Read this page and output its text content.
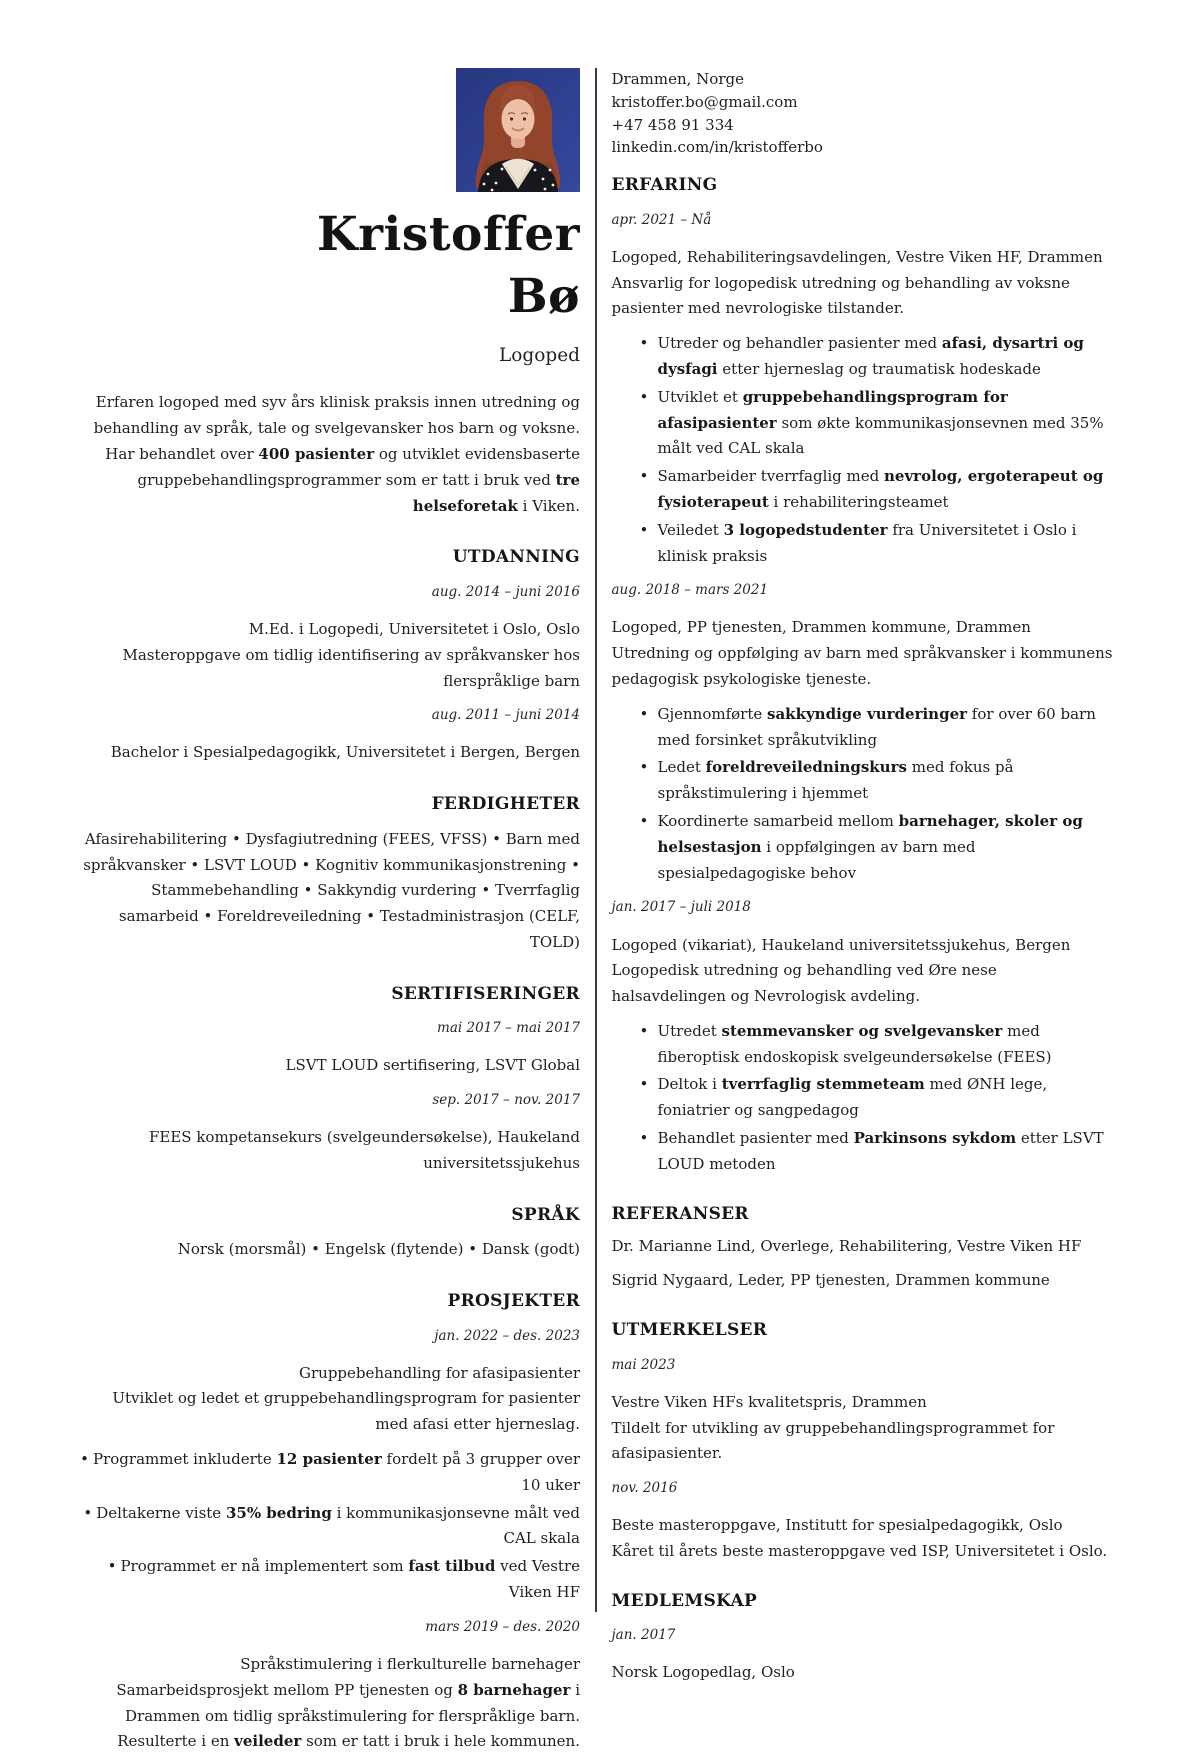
Kristoffer
Bø

Logoped

Erfaren logoped med syv års klinisk praksis innen utredning og behandling av språk, tale og svelgevansker hos barn og voksne. Har behandlet over 400 pasienter og utviklet evidensbaserte gruppebehandlingsprogrammer som er tatt i bruk ved tre helseforetak i Viken.

UTDANNING

aug. 2014 – juni 2016

M.Ed. i Logopedi, Universitetet i Oslo, Oslo

Masteroppgave om tidlig identifisering av språkvansker hos flerspråklige barn

aug. 2011 – juni 2014

Bachelor i Spesialpedagogikk, Universitetet i Bergen, Bergen

FERDIGHETER

Afasirehabilitering • Dysfagiutredning (FEES, VFSS) • Barn med språkvansker • LSVT LOUD • Kognitiv kommunikasjonstrening • Stammebehandling • Sakkyndig vurdering • Tverrfaglig samarbeid • Foreldreveiledning • Testadministrasjon (CELF, TOLD)

SERTIFISERINGER

mai 2017 – mai 2017

LSVT LOUD sertifisering, LSVT Global

sep. 2017 – nov. 2017

FEES kompetansekurs (svelgeundersøkelse), Haukeland universitetssjukehus

SPRÅK

Norsk (morsmål) • Engelsk (flytende) • Dansk (godt)

PROSJEKTER

jan. 2022 – des. 2023

Gruppebehandling for afasipasienter

Utviklet og ledet et gruppebehandlingsprogram for pasienter med afasi etter hjerneslag.

• Programmet inkluderte 12 pasienter fordelt på 3 grupper over 10 uker

• Deltakerne viste 35% bedring i kommunikasjonsevne målt ved CAL skala

• Programmet er nå implementert som fast tilbud ved Vestre Viken HF

mars 2019 – des. 2020

Språkstimulering i flerkulturelle barnehager

Samarbeidsprosjekt mellom PP tjenesten og 8 barnehager i Drammen om tidlig språkstimulering for flerspråklige barn. Resulterte i en veileder som er tatt i bruk i hele kommunen.

Drammen, Norge

kristoffer.bo@gmail.com

+47 458 91 334

linkedin.com/in/kristofferbo

ERFARING

apr. 2021 – Nå

Logoped, Rehabiliteringsavdelingen, Vestre Viken HF, Drammen

Ansvarlig for logopedisk utredning og behandling av voksne pasienter med nevrologiske tilstander.

• Utreder og behandler pasienter med afasi, dysartri og dysfagi etter hjerneslag og traumatisk hodeskade
• Utviklet et gruppebehandlingsprogram for afasipasienter som økte kommunikasjonsevnen med 35% målt ved CAL skala
• Samarbeider tverrfaglig med nevrolog, ergoterapeut og fysioterapeut i rehabiliteringsteamet
• Veiledet 3 logopedstudenter fra Universitetet i Oslo i klinisk praksis

aug. 2018 – mars 2021

Logoped, PP tjenesten, Drammen kommune, Drammen

Utredning og oppfølging av barn med språkvansker i kommunens pedagogisk psykologiske tjeneste.

• Gjennomførte sakkyndige vurderinger for over 60 barn med forsinket språkutvikling
• Ledet foreldreveiledningskurs med fokus på språkstimulering i hjemmet
• Koordinerte samarbeid mellom barnehager, skoler og helsestasjon i oppfølgingen av barn med spesialpedagogiske behov

jan. 2017 – juli 2018

Logoped (vikariat), Haukeland universitetssjukehus, Bergen

Logopedisk utredning og behandling ved Øre nese halsavdelingen og Nevrologisk avdeling.

• Utredet stemmevansker og svelgevansker med fiberoptisk endoskopisk svelgeundersøkelse (FEES)
• Deltok i tverrfaglig stemmeteam med ØNH lege, foniatrier og sangpedagog
• Behandlet pasienter med Parkinsons sykdom etter LSVT LOUD metoden
REFERANSER

Dr. Marianne Lind, Overlege, Rehabilitering, Vestre Viken HF

Sigrid Nygaard, Leder, PP tjenesten, Drammen kommune

UTMERKELSER

mai 2023

Vestre Viken HFs kvalitetspris, Drammen

Tildelt for utvikling av gruppebehandlingsprogrammet for afasipasienter.

nov. 2016

Beste masteroppgave, Institutt for spesialpedagogikk, Oslo

Kåret til årets beste masteroppgave ved ISP, Universitetet i Oslo.

MEDLEMSKAP

jan. 2017

Norsk Logopedlag, Oslo
